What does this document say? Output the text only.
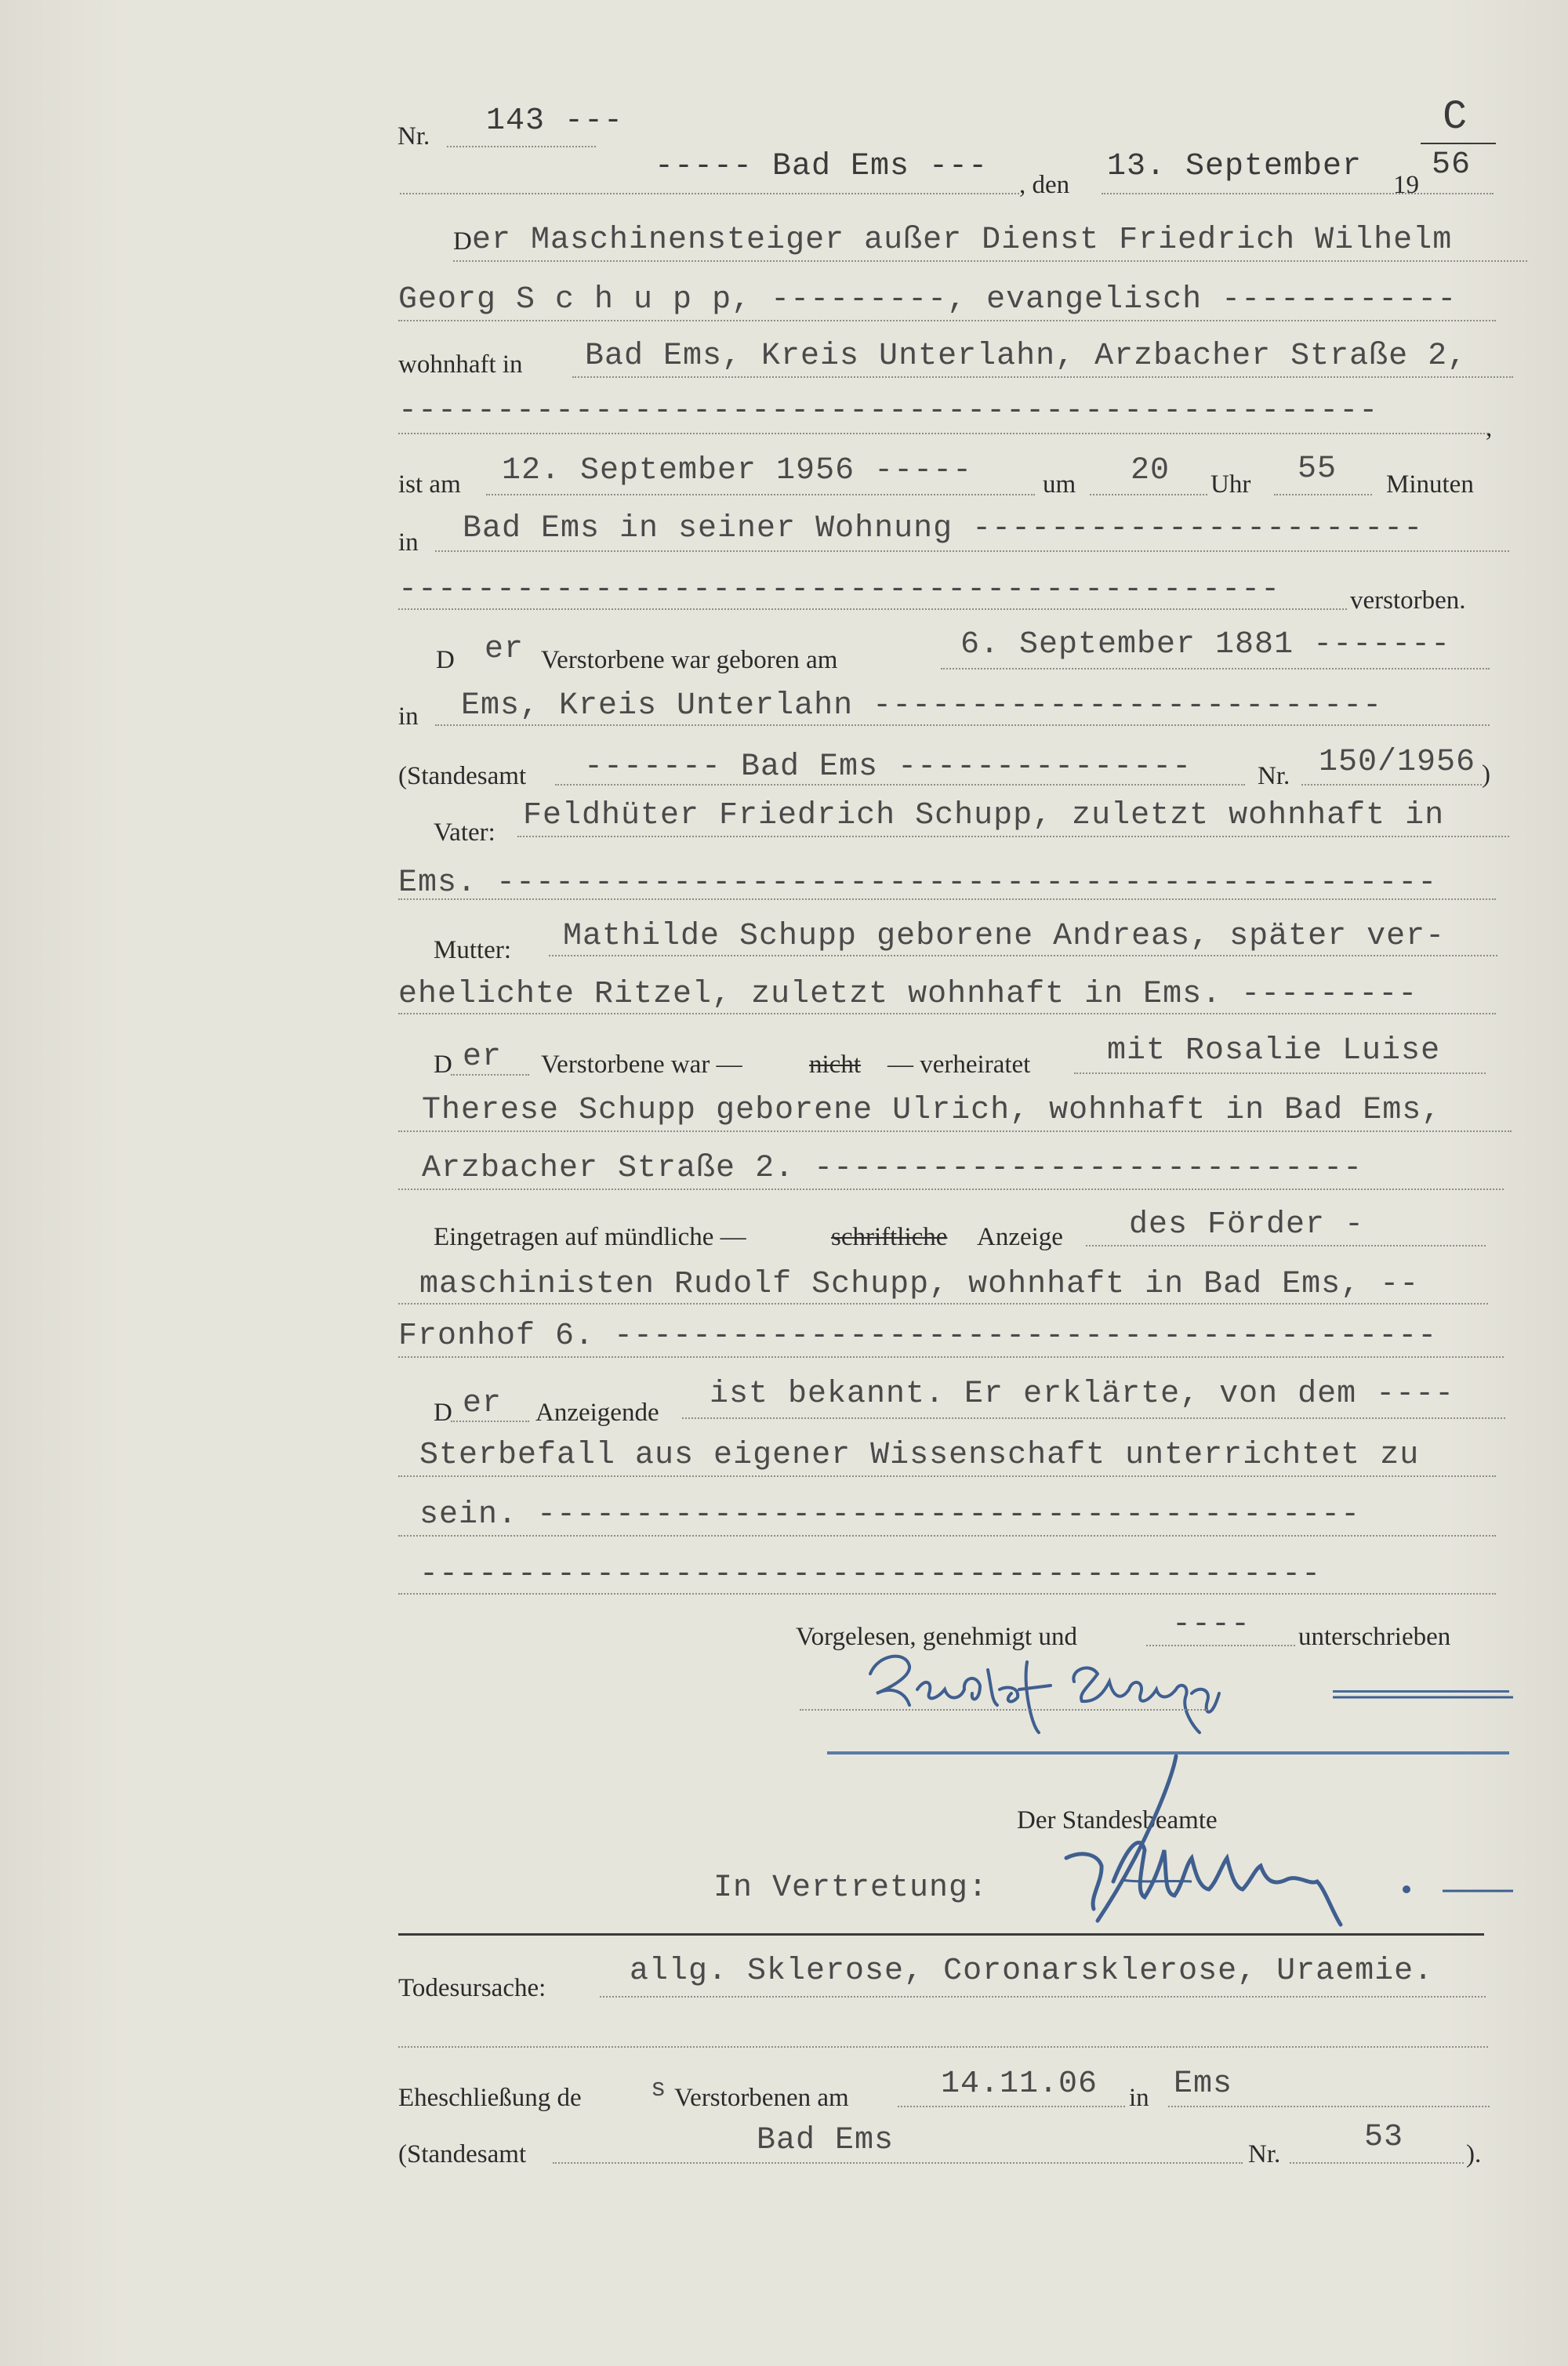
Nr. 143 ---	C
----- Bad Ems ---
, den
13. September
19
56
D er Maschinensteiger außer Dienst Friedrich Wilhelm
Georg S c h u p p, ---------, evangelisch ------------
wohnhaft in Bad Ems, Kreis Unterlahn, Arzbacher Straße 2,
--------------------------------------------------	,
ist am 12. September 1956 -----	um 20 Uhr 55 Minuten
in Bad Ems in seiner Wohnung -----------------------
---------------------------------------------	verstorben.
D er Verstorbene war geboren am	6. September 1881 -------
in Ems, Kreis Unterlahn --------------------------
(Standesamt ------- Bad Ems ---------------	Nr. 150/1956 )
Vater: Feldhüter Friedrich Schupp, zuletzt wohnhaft in
Ems. ------------------------------------------------
Mutter: Mathilde Schupp geborene Andreas, später ver-
ehelichte Ritzel, zuletzt wohnhaft in Ems. ---------
D er Verstorbene war —	nicht — verheiratet mit Rosalie Luise
Therese Schupp geborene Ulrich, wohnhaft in Bad Ems,
Arzbacher Straße 2. ----------------------------
Eingetragen auf mündliche —	schriftliche Anzeige des Förder -
maschinisten Rudolf Schupp, wohnhaft in Bad Ems, --
Fronhof 6. ------------------------------------------
D er Anzeigende
ist bekannt. Er erklärte, von dem ----
Sterbefall aus eigener Wissenschaft unterrichtet zu
sein. ------------------------------------------
----------------------------------------------
Vorgelesen, genehmigt und	---- unterschrieben
Der Standesbeamte
In Vertretung:
Todesursache:	allg. Sklerose, Coronarsklerose, Uraemie.
Eheschließung de	s Verstorbenen am	14.11.06 in Ems
(Standesamt	Bad Ems	Nr.	53 ).
